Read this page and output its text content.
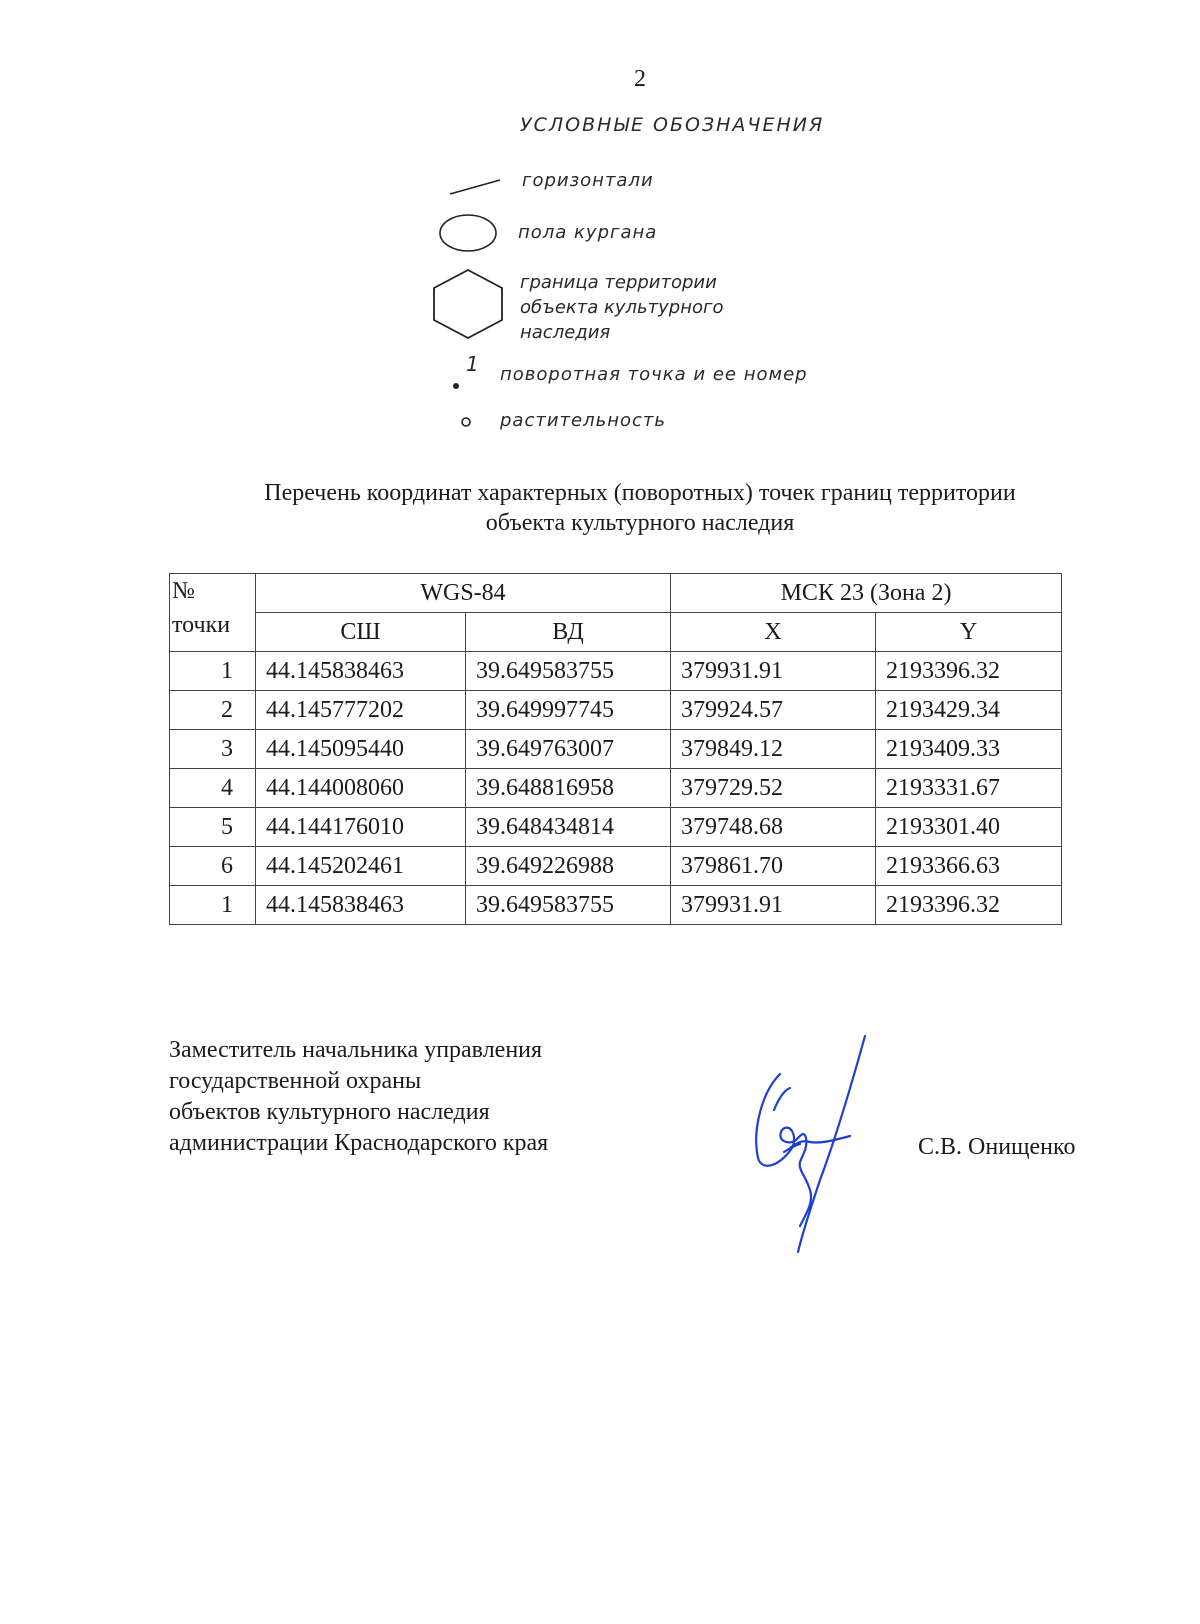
2
УСЛОВНЫЕ ОБОЗНАЧЕНИЯ
горизонтали
пола кургана
граница территории
объекта культурного
наследия
1 поворотная точка и ее номер
растительность
Перечень координат характерных (поворотных) точек границ территории
объекта культурного наследия
№
точки	WGS-84		МСК 23 (Зона 2)	
	СШ	ВД	X	Y
1	44.145838463	39.649583755	379931.91	2193396.32
2	44.145777202	39.649997745	379924.57	2193429.34
3	44.145095440	39.649763007	379849.12	2193409.33
4	44.144008060	39.648816958	379729.52	2193331.67
5	44.144176010	39.648434814	379748.68	2193301.40
6	44.145202461	39.649226988	379861.70	2193366.63
1	44.145838463	39.649583755	379931.91	2193396.32
Заместитель начальника управления
государственной охраны
объектов культурного наследия
администрации Краснодарского края	С.В. Онищенко
